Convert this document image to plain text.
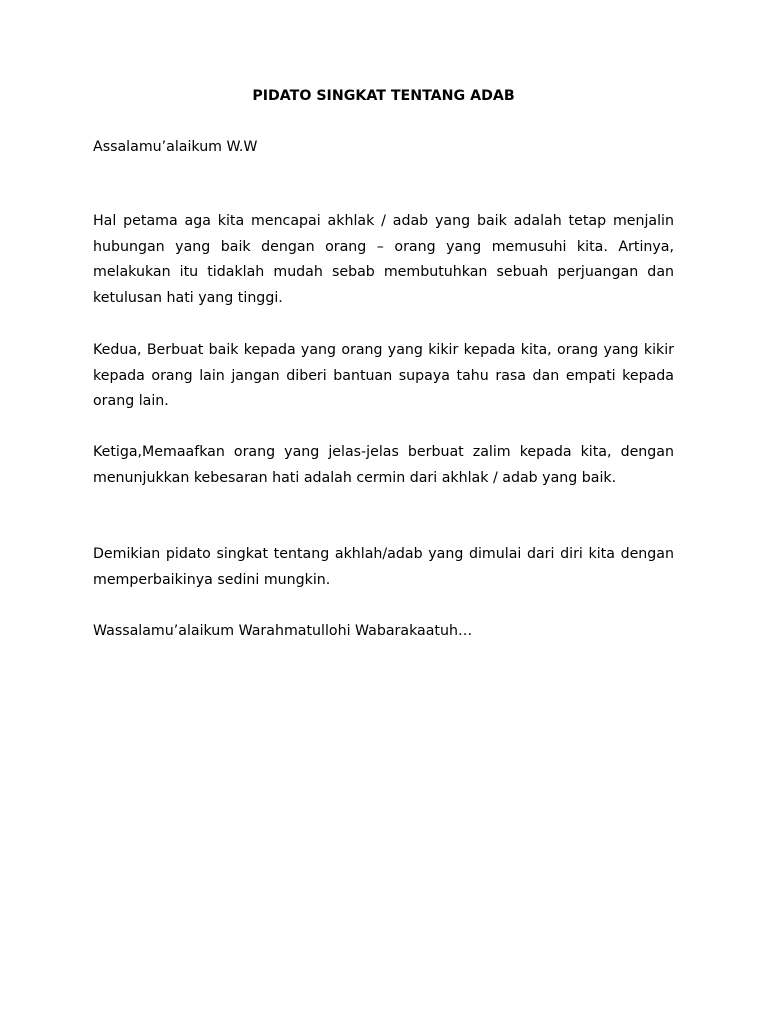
PIDATO SINGKAT TENTANG ADAB

Assalamu’alaikum W.W

Hal petama aga kita mencapai akhlak / adab yang baik adalah tetap menjalin hubungan yang baik dengan orang – orang yang memusuhi kita. Artinya, melakukan itu tidaklah mudah sebab membutuhkan sebuah perjuangan dan ketulusan hati yang tinggi.

Kedua, Berbuat baik kepada yang orang yang kikir kepada kita, orang yang kikir kepada orang lain jangan diberi bantuan supaya tahu rasa dan empati kepada orang lain.

Ketiga,Memaafkan orang yang jelas-jelas berbuat zalim kepada kita, dengan menunjukkan kebesaran hati adalah cermin dari akhlak / adab yang baik.

Demikian pidato singkat tentang akhlah/adab yang dimulai dari diri kita dengan memperbaikinya sedini mungkin.

Wassalamu’alaikum Warahmatullohi Wabarakaatuh…
